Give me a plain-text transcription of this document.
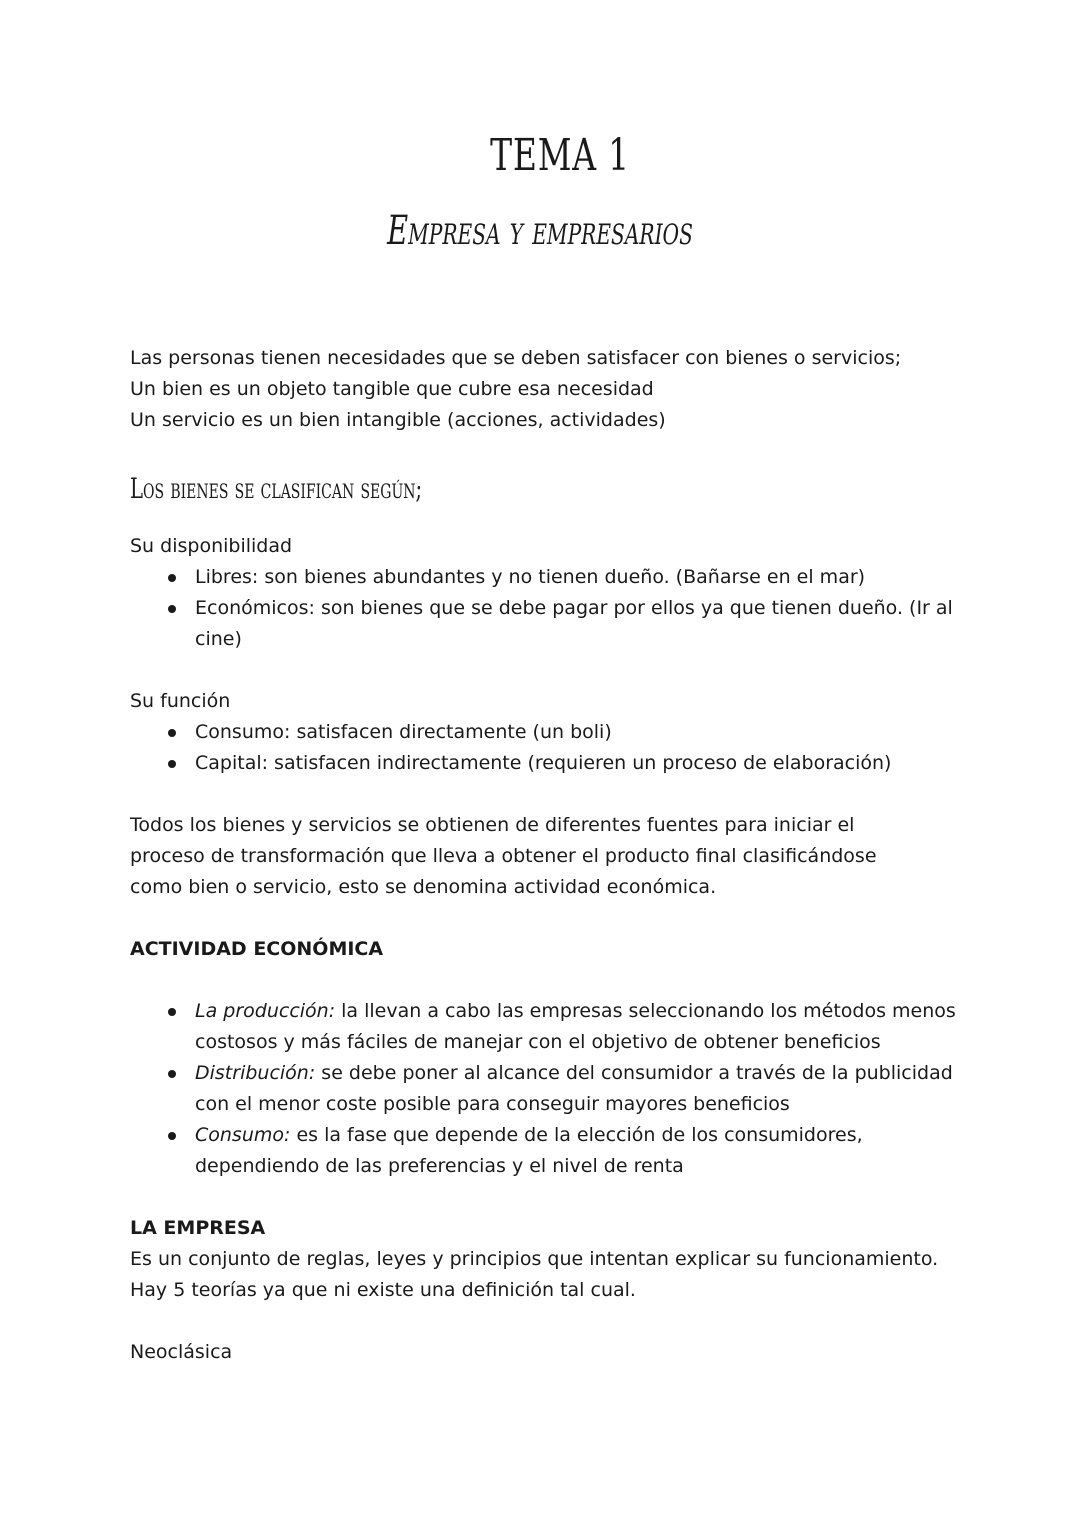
TEMA 1
Empresa y empresarios

Las personas tienen necesidades que se deben satisfacer con bienes o servicios;

Un bien es un objeto tangible que cubre esa necesidad

Un servicio es un bien intangible (acciones, actividades)

Los bienes se clasifican según;

Su disponibilidad

Libres: son bienes abundantes y no tienen dueño. (Bañarse en el mar)
Económicos: son bienes que se debe pagar por ellos ya que tienen dueño. (Ir al cine)

Su función

Consumo: satisfacen directamente (un boli)
Capital: satisfacen indirectamente (requieren un proceso de elaboración)

Todos los bienes y servicios se obtienen de diferentes fuentes para iniciar el proceso de transformación que lleva a obtener el producto final clasificándose como bien o servicio, esto se denomina actividad económica.

ACTIVIDAD ECONÓMICA

La producción: la llevan a cabo las empresas seleccionando los métodos menos costosos y más fáciles de manejar con el objetivo de obtener beneficios
Distribución: se debe poner al alcance del consumidor a través de la publicidad con el menor coste posible para conseguir mayores beneficios
Consumo: es la fase que depende de la elección de los consumidores, dependiendo de las preferencias y el nivel de renta

LA EMPRESA

Es un conjunto de reglas, leyes y principios que intentan explicar su funcionamiento.

Hay 5 teorías ya que ni existe una definición tal cual.

Neoclásica
